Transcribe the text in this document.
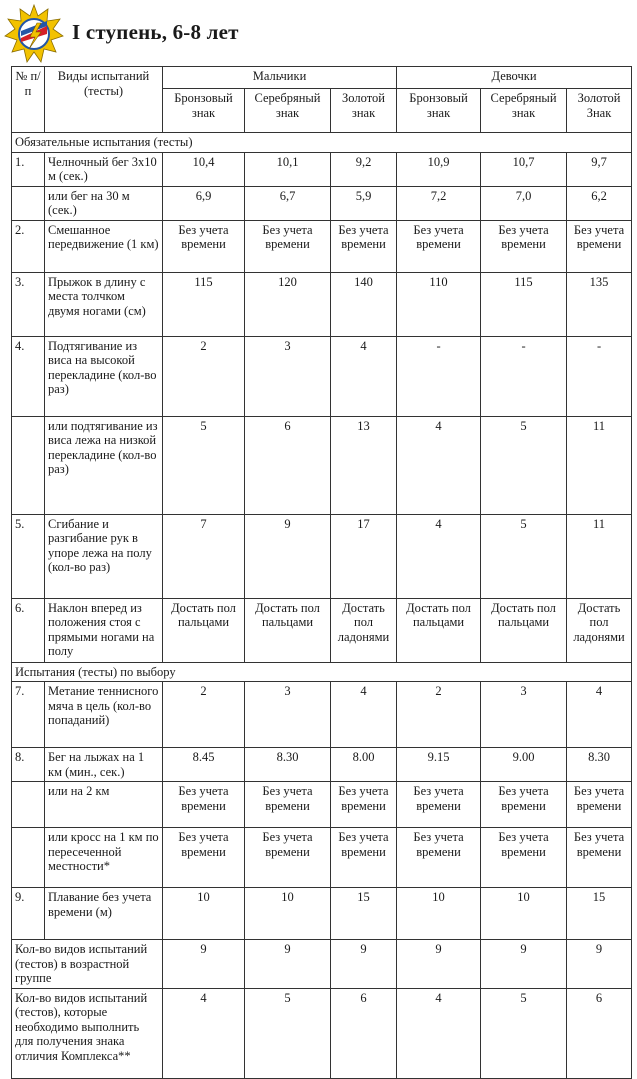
I ступень, 6-8 лет
№ п/п	Виды испытаний (тесты)	Мальчики			Девочки		
		Бронзовый знак	Серебряный знак	Золотой знак	Бронзовый знак	Серебряный знак	Золотой Знак
Обязательные испытания (тесты)							
1.	Челночный бег 3x10 м (сек.)	10,4	10,1	9,2	10,9	10,7	9,7
	или бег на 30 м (сек.)	6,9	6,7	5,9	7,2	7,0	6,2
2.	Смешанное передвижение (1 км)	Без учета времени	Без учета времени	Без учета времени	Без учета времени	Без учета времени	Без учета времени
3.	Прыжок в длину с места толчком двумя ногами (см)	115	120	140	110	115	135
4.	Подтягивание из виса на высокой перекладине (кол-во раз)	2	3	4	-	-	-
	или подтягивание из виса лежа на низкой перекладине (кол-во раз)	5	6	13	4	5	11
5.	Сгибание и разгибание рук в упоре лежа на полу (кол-во раз)	7	9	17	4	5	11
6.	Наклон вперед из положения стоя с прямыми ногами на полу	Достать пол пальцами	Достать пол пальцами	Достать пол ладонями	Достать пол пальцами	Достать пол пальцами	Достать пол ладонями
Испытания (тесты) по выбору							
7.	Метание теннисного мяча в цель (кол-во попаданий)	2	3	4	2	3	4
8.	Бег на лыжах на 1 км (мин., сек.)	8.45	8.30	8.00	9.15	9.00	8.30
	или на 2 км	Без учета времени	Без учета времени	Без учета времени	Без учета времени	Без учета времени	Без учета времени
	или кросс на 1 км по пересеченной местности*	Без учета времени	Без учета времени	Без учета времени	Без учета времени	Без учета времени	Без учета времени
9.	Плавание без учета времени (м)	10	10	15	10	10	15
Кол-во видов испытаний (тестов) в возрастной группе		9	9	9	9	9	9
Кол-во видов испытаний (тестов), которые необходимо выполнить для получения знака отличия Комплекса**		4	5	6	4	5	6
